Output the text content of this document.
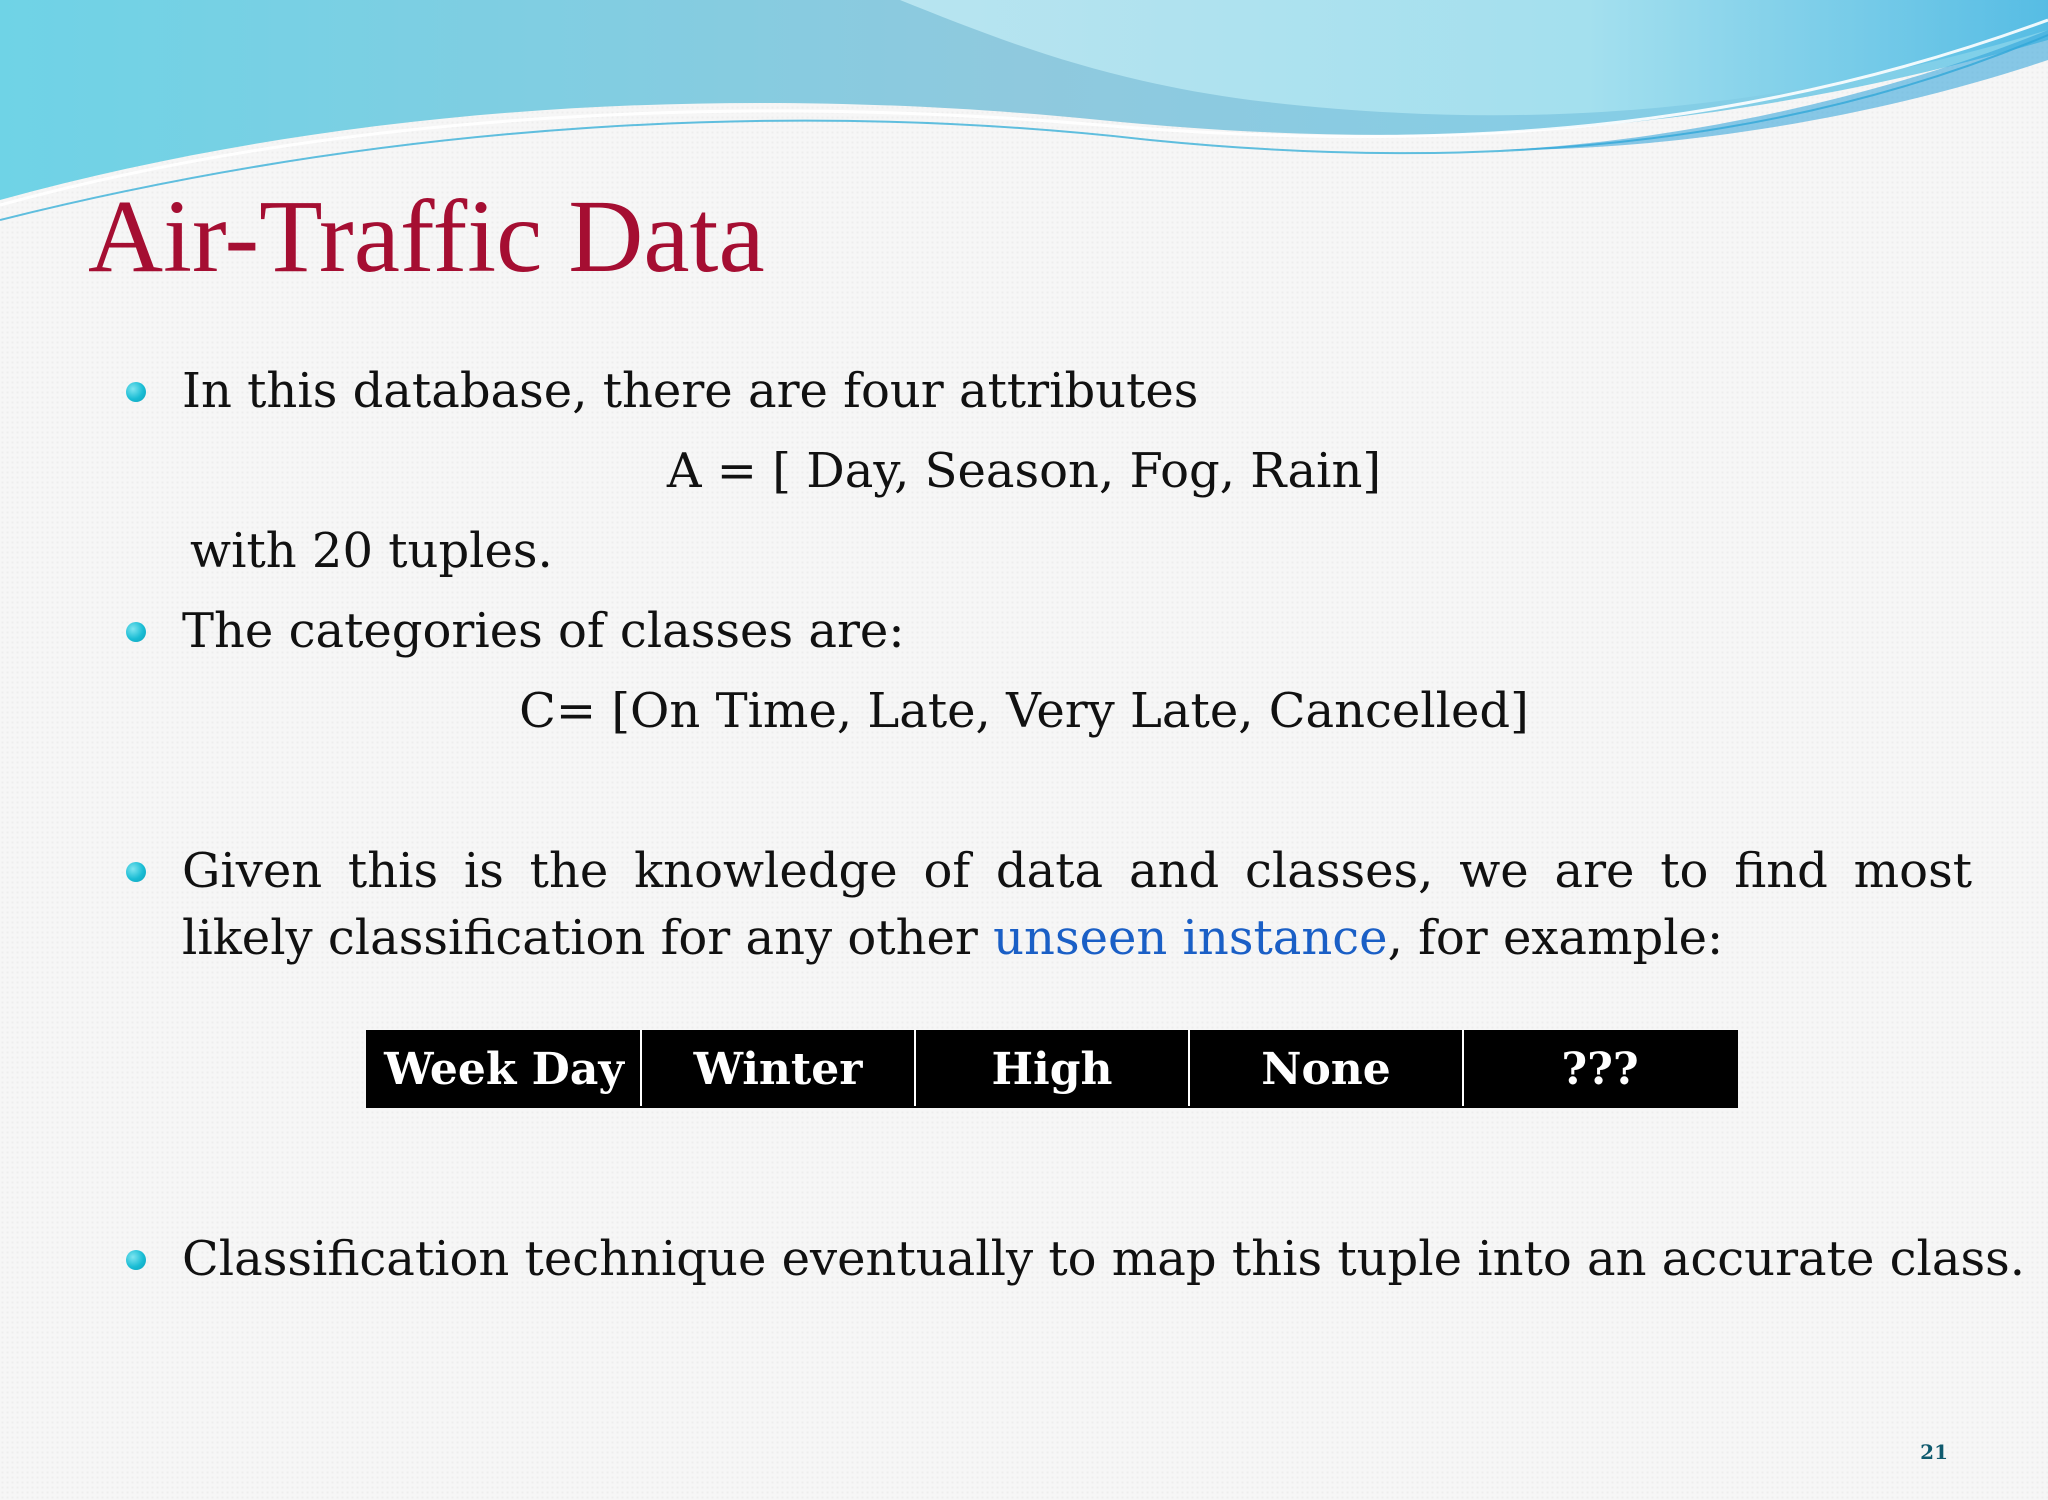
Air-Traffic Data
In this database, there are four attributes
A = [ Day, Season, Fog, Rain]
with 20 tuples.
The categories of classes are:
C= [On Time, Late, Very Late, Cancelled]
Given this is the knowledge of data and classes, we are to find most likely classification for any other unseen instance, for example:
Week Day	Winter	High	None	???
Classification technique eventually to map this tuple into an accurate class.
21
